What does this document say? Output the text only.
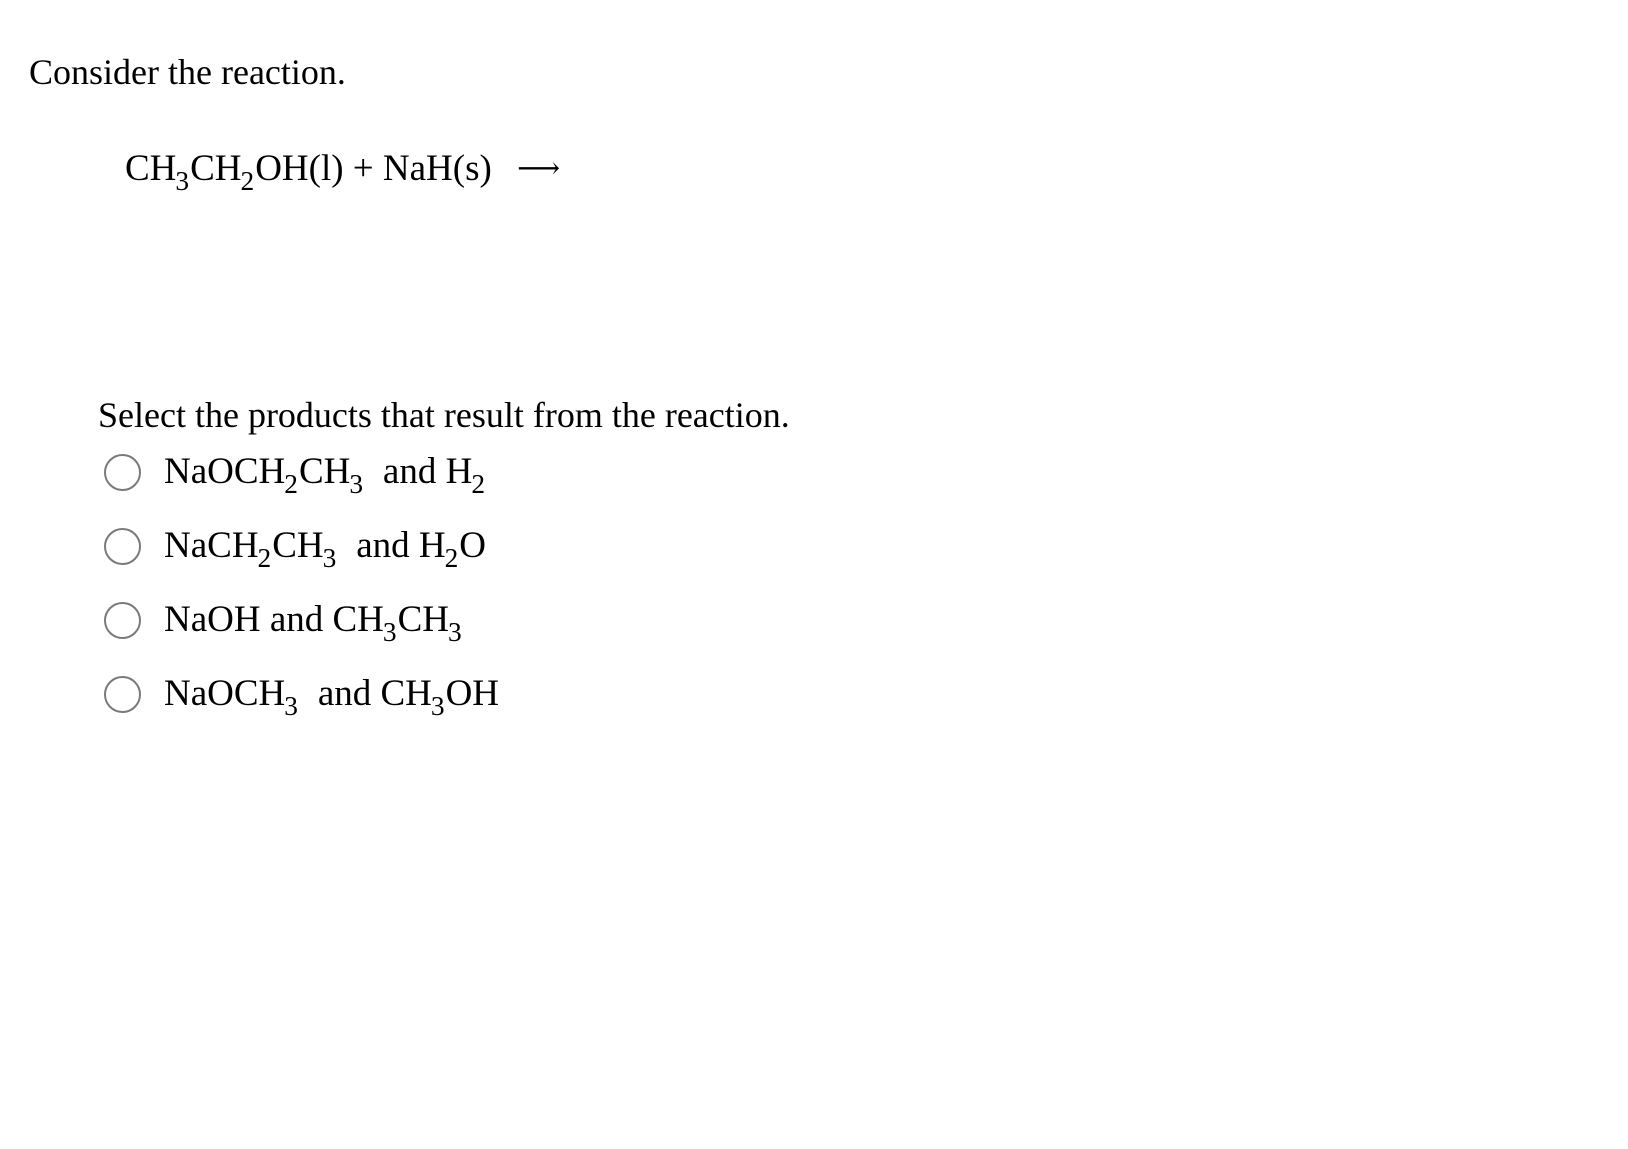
Consider the reaction.
$CH_3CH_2OH(l) + NaH(s)$ ⟶
Select the products that result from the reaction.
$NaOCH_2CH_3$ and $H_2$
$NaCH_2CH_3$ and $H_2O$
NaOH and $CH_3CH_3$
NaOCH$_3$ and $CH_3OH$
